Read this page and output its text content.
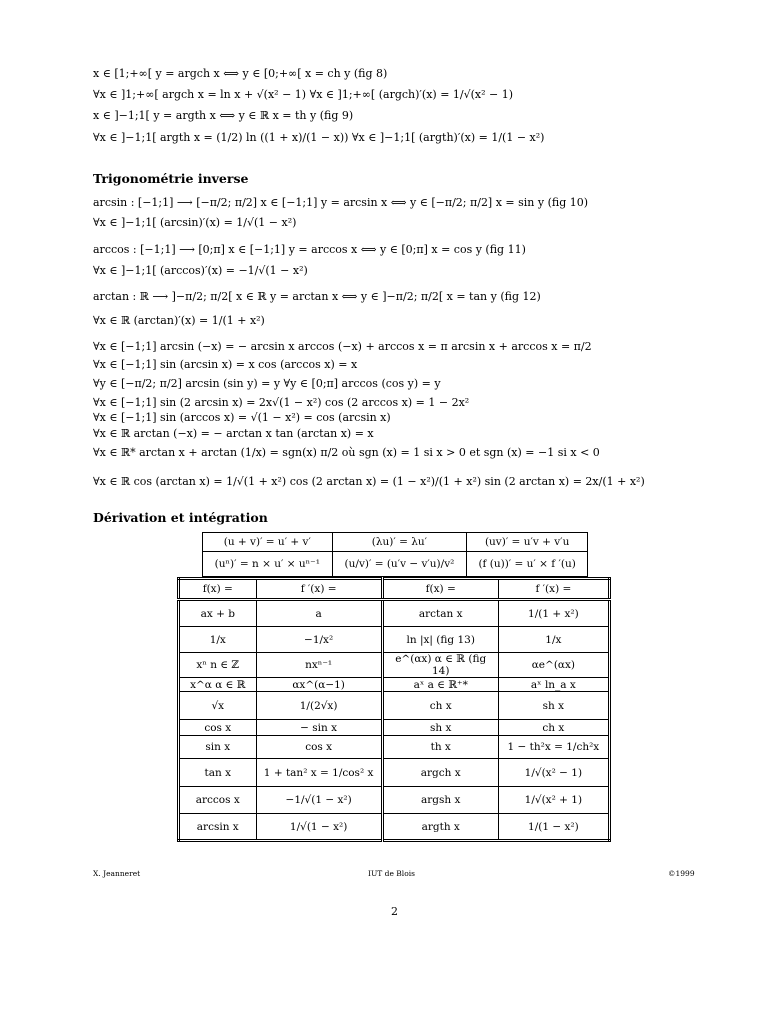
x ∈ [1;+∞[ y = argch x ⟺ y ∈ [0;+∞[ x = ch y (fig 8)
∀x ∈ ]1;+∞[ argch x = ln x + √(x² − 1) ∀x ∈ ]1;+∞[ (argch)′(x) = 1/√(x² − 1)
x ∈ ]−1;1[ y = argth x ⟺ y ∈ ℝ x = th y (fig 9)
∀x ∈ ]−1;1[ argth x = (1/2) ln ((1 + x)/(1 − x)) ∀x ∈ ]−1;1[ (argth)′(x) = 1/(1 − x²)
Trigonométrie inverse
arcsin : [−1;1] ⟶ [−π/2; π/2] x ∈ [−1;1] y = arcsin x ⟺ y ∈ [−π/2; π/2] x = sin y (fig 10)
∀x ∈ ]−1;1[ (arcsin)′(x) = 1/√(1 − x²)
arccos : [−1;1] ⟶ [0;π] x ∈ [−1;1] y = arccos x ⟺ y ∈ [0;π] x = cos y (fig 11)
∀x ∈ ]−1;1[ (arccos)′(x) = −1/√(1 − x²)
arctan : ℝ ⟶ ]−π/2; π/2[ x ∈ ℝ y = arctan x ⟺ y ∈ ]−π/2; π/2[ x = tan y (fig 12)
∀x ∈ ℝ (arctan)′(x) = 1/(1 + x²)
∀x ∈ [−1;1] arcsin (−x) = − arcsin x arccos (−x) + arccos x = π arcsin x + arccos x = π/2
∀x ∈ [−1;1] sin (arcsin x) = x cos (arccos x) = x
∀y ∈ [−π/2; π/2] arcsin (sin y) = y ∀y ∈ [0;π] arccos (cos y) = y
∀x ∈ [−1;1] sin (2 arcsin x) = 2x√(1 − x²) cos (2 arccos x) = 1 − 2x²
∀x ∈ [−1;1] sin (arccos x) = √(1 − x²) = cos (arcsin x)
∀x ∈ ℝ arctan (−x) = − arctan x tan (arctan x) = x
∀x ∈ ℝ* arctan x + arctan (1/x) = sgn(x) π/2 où sgn (x) = 1 si x > 0 et sgn (x) = −1 si x < 0
∀x ∈ ℝ cos (arctan x) = 1/√(1 + x²) cos (2 arctan x) = (1 − x²)/(1 + x²) sin (2 arctan x) = 2x/(1 + x²)
Dérivation et intégration
(u + v)′ = u′ + v′	(λu)′ = λu′	(uv)′ = u′v + v′u
(uⁿ)′ = n × u′ × uⁿ⁻¹	(u/v)′ = (u′v − v′u)/v²	(f (u))′ = u′ × f ′(u)
f(x) =	f ′(x) =	f(x) =	f ′(x) =
ax + b	a	arctan x	1/(1 + x²)
1/x	−1/x²	ln |x| (fig 13)	1/x
xⁿ n ∈ ℤ	nxⁿ⁻¹	e^(αx) α ∈ ℝ (fig 14)	αe^(αx)
x^α α ∈ ℝ	αx^(α−1)	aˣ a ∈ ℝ⁺*	aˣ ln_a x
√x	1/(2√x)	ch x	sh x
cos x	− sin x	sh x	ch x
sin x	cos x	th x	1 − th²x = 1/ch²x
tan x	1 + tan² x = 1/cos² x	argch x	1/√(x² − 1)
arccos x	−1/√(1 − x²)	argsh x	1/√(x² + 1)
arcsin x	1/√(1 − x²)	argth x	1/(1 − x²)
X. Jeanneret	IUT de Blois	©1999
2
